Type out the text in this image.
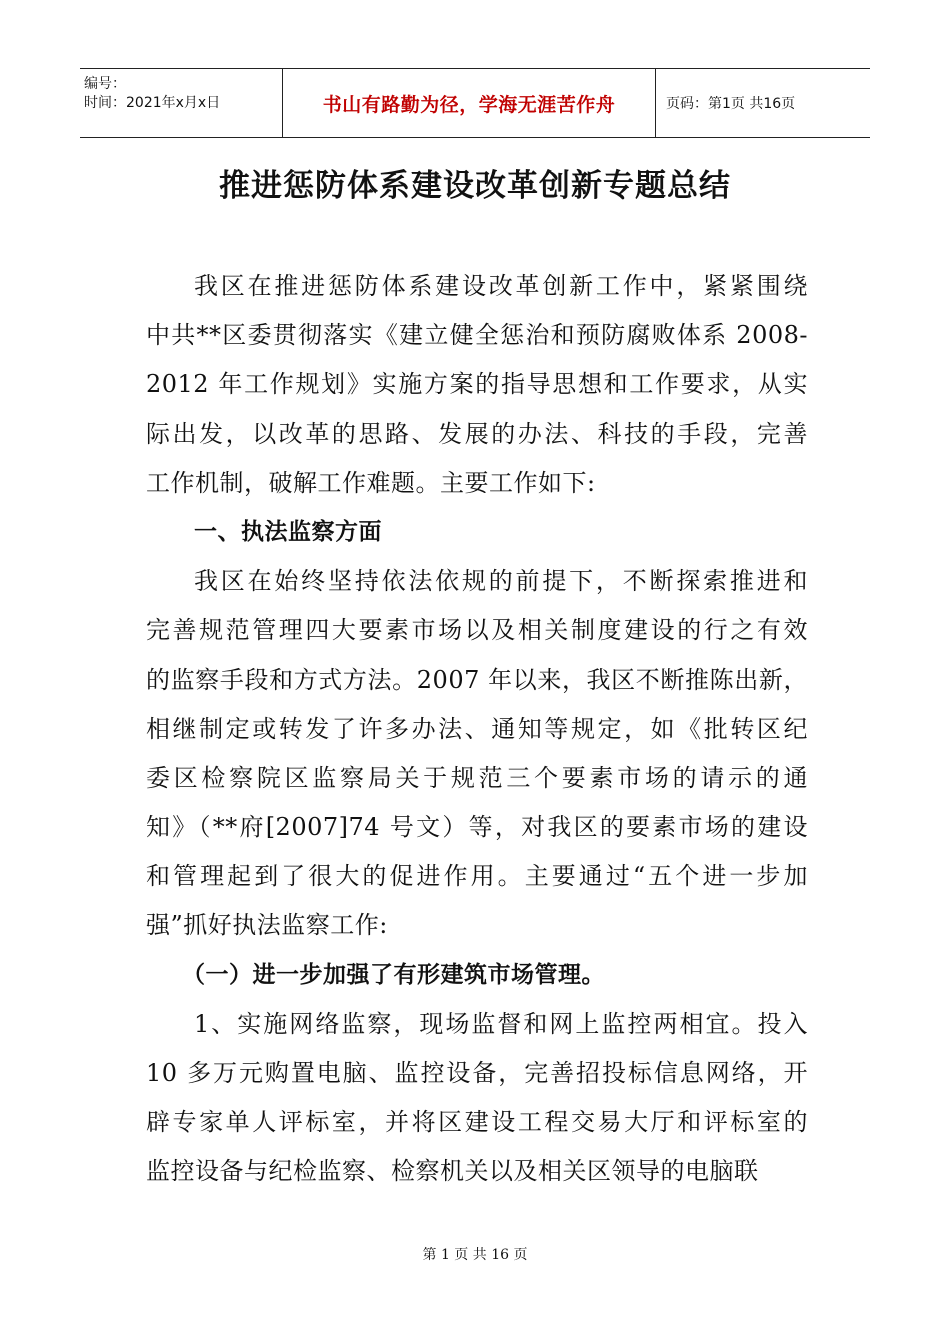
编号：
时间：2021年x月x日	书山有路勤为径，学海无涯苦作舟	页码：第1页 共16页
推进惩防体系建设改革创新专题总结
我区在推进惩防体系建设改革创新工作中，紧紧围绕
中共**区委贯彻落实《建立健全惩治和预防腐败体系 2008-
2012 年工作规划》实施方案的指导思想和工作要求，从实
际出发，以改革的思路、发展的办法、科技的手段，完善
工作机制，破解工作难题。主要工作如下:
一、执法监察方面
我区在始终坚持依法依规的前提下，不断探索推进和
完善规范管理四大要素市场以及相关制度建设的行之有效
的监察手段和方式方法。2007 年以来，我区不断推陈出新，
相继制定或转发了许多办法、通知等规定，如《批转区纪
委区检察院区监察局关于规范三个要素市场的请示的通
知》（**府[2007]74 号文）等，对我区的要素市场的建设
和管理起到了很大的促进作用。主要通过“五个进一步加
强”抓好执法监察工作:
（一）进一步加强了有形建筑市场管理。
1、实施网络监察，现场监督和网上监控两相宜。投入
10 多万元购置电脑、监控设备，完善招投标信息网络，开
辟专家单人评标室，并将区建设工程交易大厅和评标室的
监控设备与纪检监察、检察机关以及相关区领导的电脑联
第 1 页 共 16 页
